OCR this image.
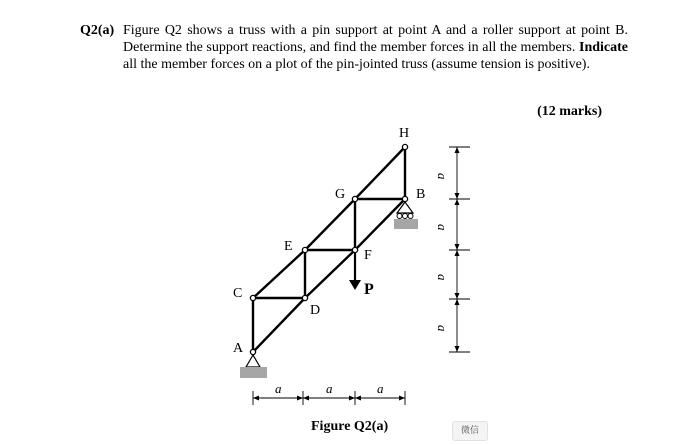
Q2(a) Figure Q2 shows a truss with a pin support at point A and a roller support at point B. Determine the support reactions, and find the member forces in all the members. Indicate all the member forces on a plot of the pin-jointed truss (assume tension is positive).
(12 marks)
H
G	B
E
F
C
D
A
P
a	a	a
a
a
a
a
Figure Q2(a)	微信
